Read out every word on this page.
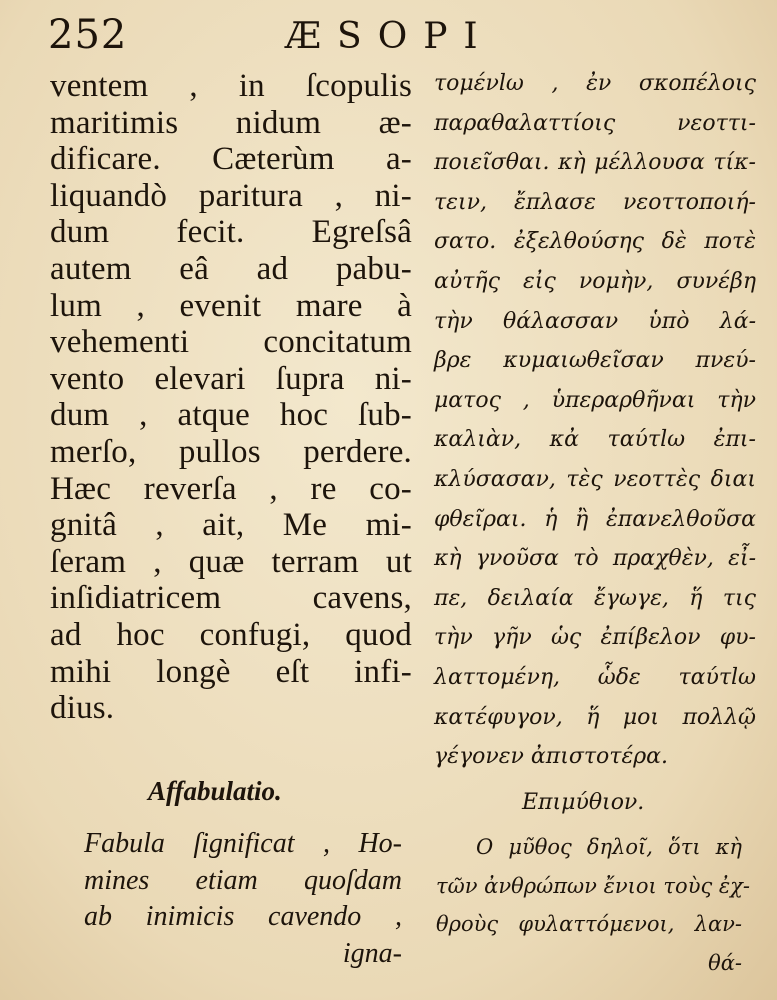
252	ÆSOPI
ventem , in ſcopulis
maritimis nidum æ-
dificare. Cæterùm a-
liquandò paritura , ni-
dum fecit. Egreſsâ
autem eâ ad pabu-
lum , evenit mare à
vehementi concitatum
vento elevari ſupra ni-
dum , atque hoc ſub-
merſo, pullos perdere.
Hæc reverſa , re co-
gnitâ , ait, Me mi-
ſeram , quæ terram ut
inſidiatricem cavens,
ad hoc confugi, quod
mihi longè eſt infi-
dius.
τομένlω , ἐν σκοπέλοις
παραθαλαττίοις νεοττι-
ποιεῖσθαι. κὴ μέλλουσα τίκ-
τειν, ἔπλασε νεοττοποιή-
σατο. ἐξελθούσης δὲ ποτὲ
αὐτῆς εἰς νομὴν, συνέβη
τὴν θάλασσαν ὑπὸ λά-
βρε κυμαιωθεῖσαν πνεύ-
ματος , ὑπεραρθῆναι τὴν
καλιὰν, κἀ ταύτlω ἐπι-
κλύσασαν, τὲς νεοττὲς διαι
φθεῖραι. ἡ ἢ ἐπανελθοῦσα
κὴ γνοῦσα τὸ πραχθὲν, εἶ-
πε, δειλαία ἔγωγε, ἥ τις
τὴν γῆν ὡς ἐπίβελον φυ-
λαττομένη, ὧδε ταύτlω
κατέφυγον, ἥ μοι πολλῷ
γέγονεν ἀπιστοτέρα.
Affabulatio.	Επιμύθιον.
Fabula ſignificat , Ho-
mines etiam quoſdam
ab inimicis cavendo ,
igna-
Ο μῦθος δηλοῖ, ὅτι κὴ
τῶν ἀνθρώπων ἔνιοι τοὺς ἐχ-
θροὺς φυλαττόμενοι, λαν-
θά-
